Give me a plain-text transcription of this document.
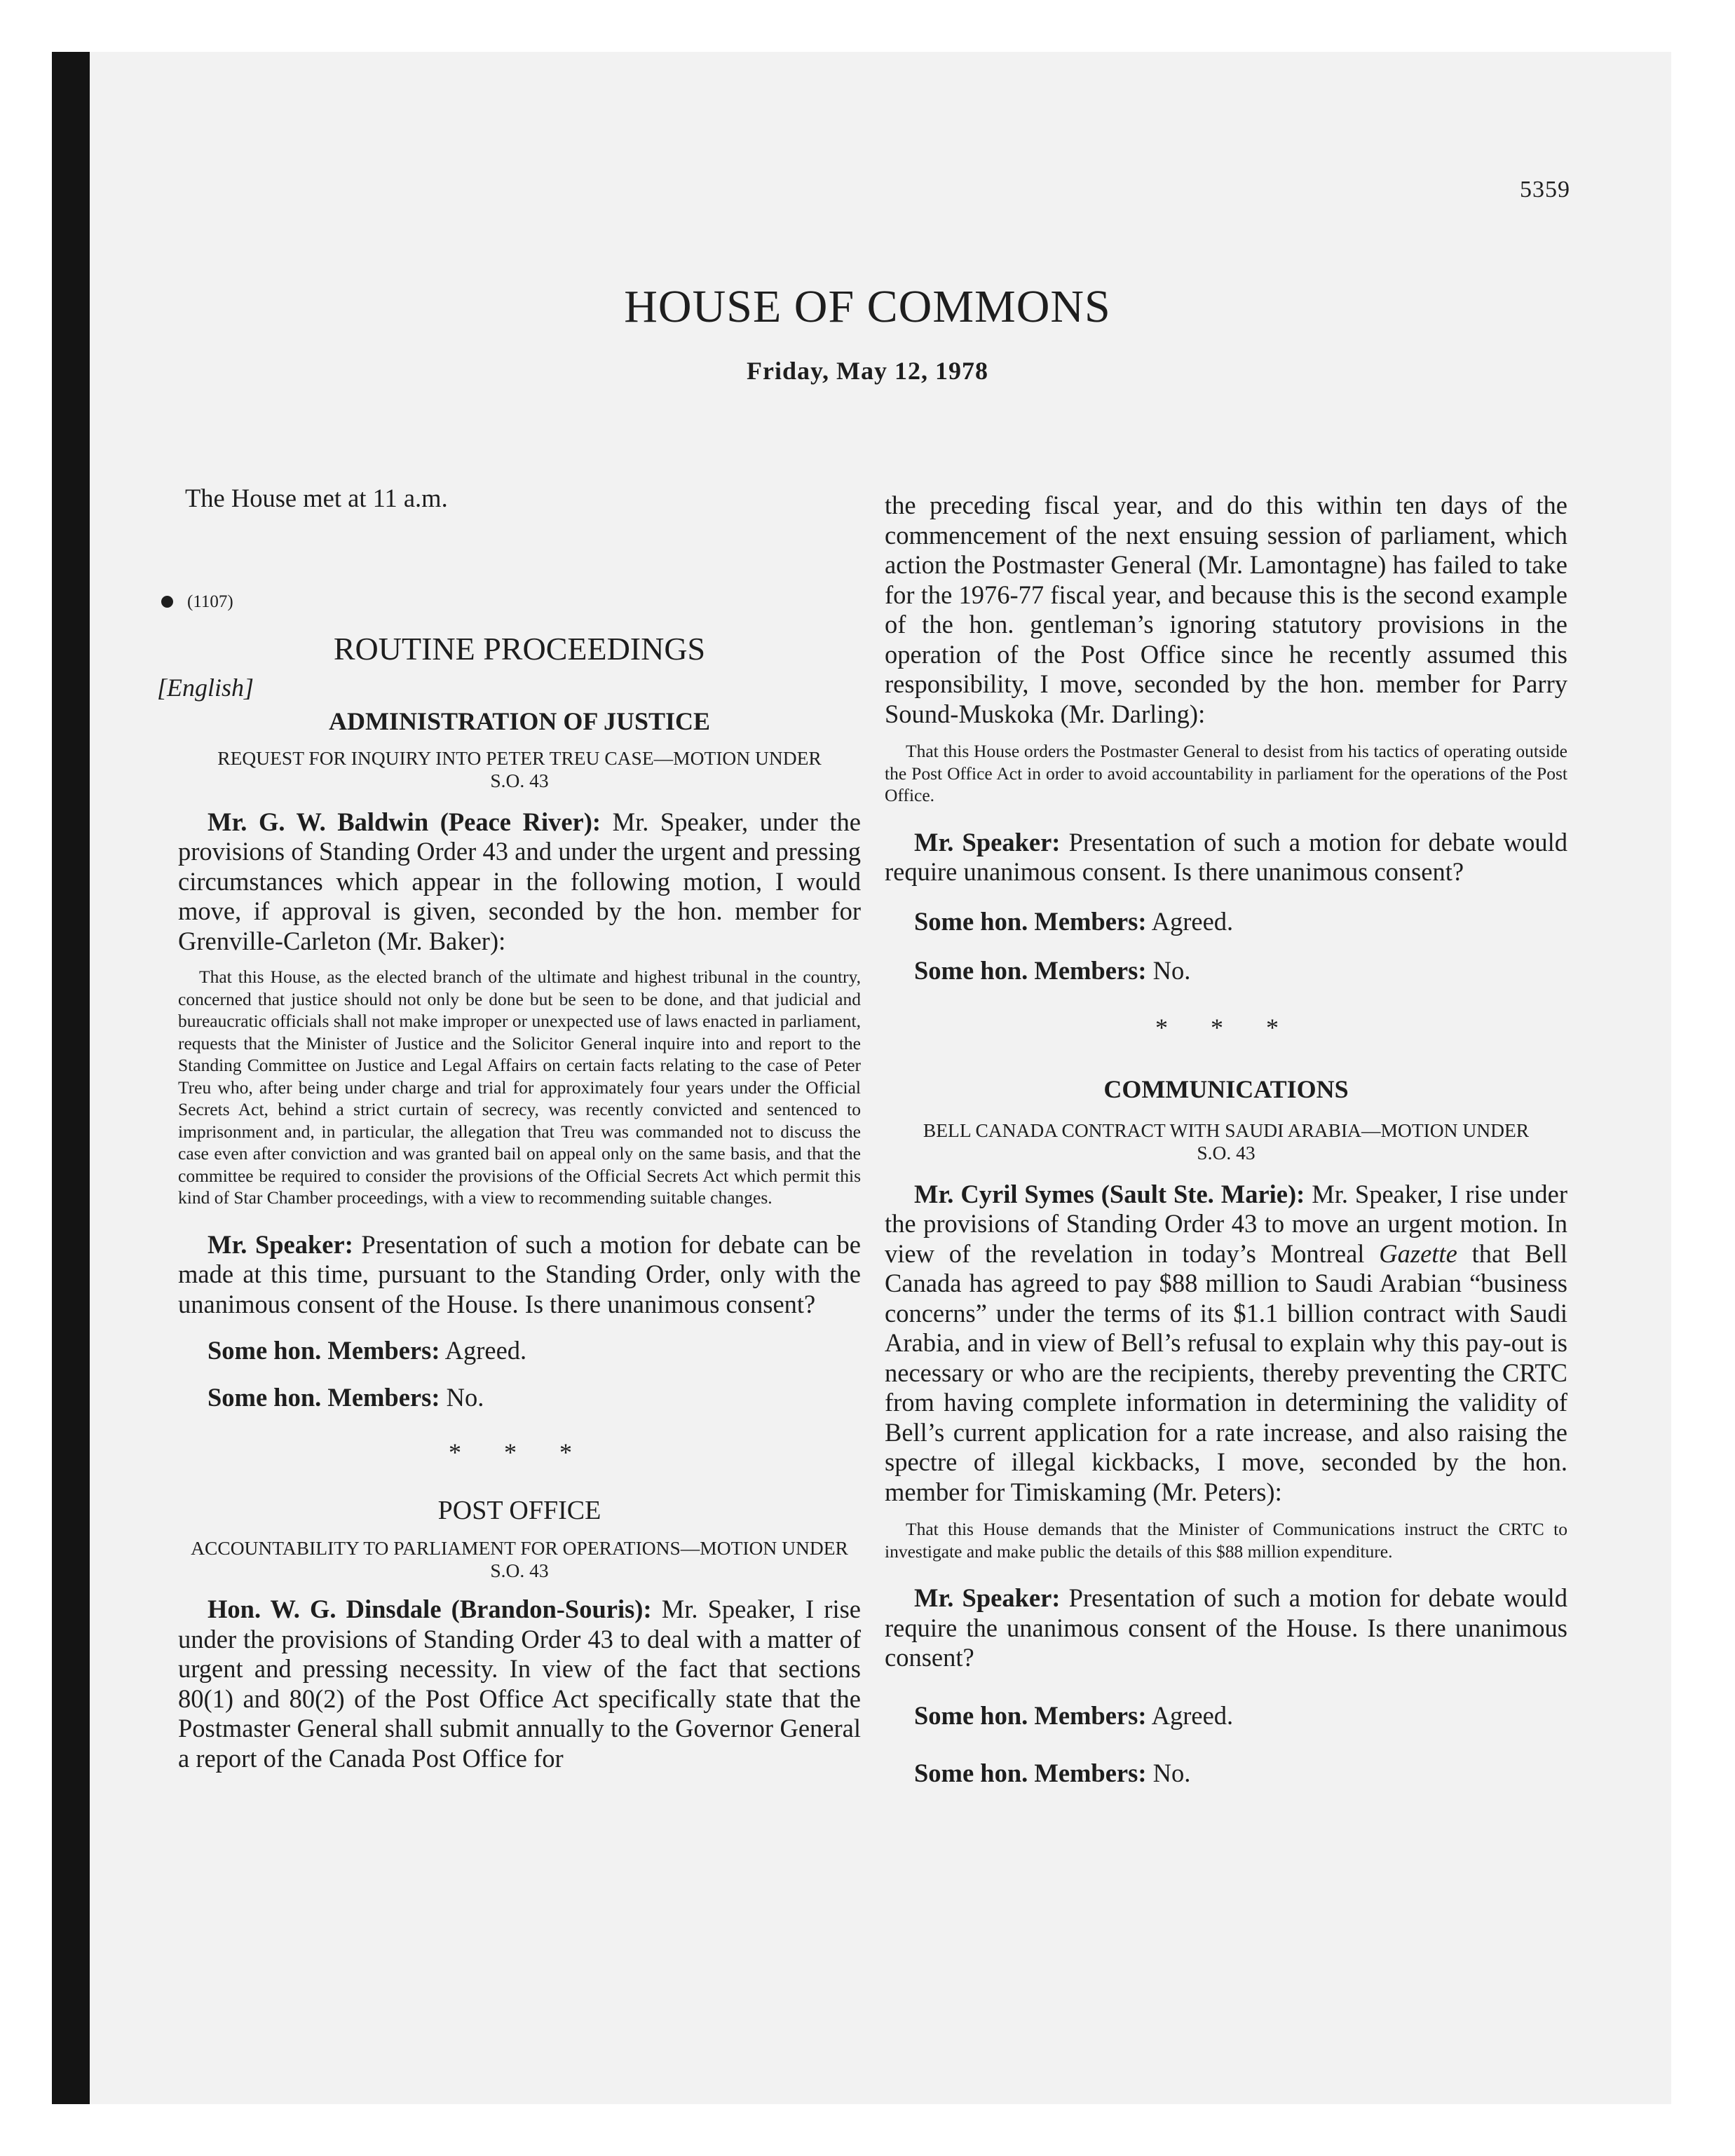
5359
HOUSE OF COMMONS
Friday, May 12, 1978

The House met at 11 a.m.

(1107)

ROUTINE PROCEEDINGS

[English]

ADMINISTRATION OF JUSTICE

REQUEST FOR INQUIRY INTO PETER TREU CASE—MOTION UNDER S.O. 43

Mr. G. W. Baldwin (Peace River): Mr. Speaker, under the provisions of Standing Order 43 and under the urgent and pressing circumstances which appear in the following motion, I would move, if approval is given, seconded by the hon. member for Grenville-Carleton (Mr. Baker):

That this House, as the elected branch of the ultimate and highest tribunal in the country, concerned that justice should not only be done but be seen to be done, and that judicial and bureaucratic officials shall not make improper or unexpected use of laws enacted in parliament, requests that the Minister of Justice and the Solicitor General inquire into and report to the Standing Committee on Justice and Legal Affairs on certain facts relating to the case of Peter Treu who, after being under charge and trial for approximately four years under the Official Secrets Act, behind a strict curtain of secrecy, was recently convicted and sentenced to imprisonment and, in particular, the allegation that Treu was commanded not to discuss the case even after conviction and was granted bail on appeal only on the same basis, and that the committee be required to consider the provisions of the Official Secrets Act which permit this kind of Star Chamber proceedings, with a view to recommending suitable changes.

Mr. Speaker: Presentation of such a motion for debate can be made at this time, pursuant to the Standing Order, only with the unanimous consent of the House. Is there unanimous consent?

Some hon. Members: Agreed.

Some hon. Members: No.

* * *

POST OFFICE

ACCOUNTABILITY TO PARLIAMENT FOR OPERATIONS—MOTION UNDER S.O. 43

Hon. W. G. Dinsdale (Brandon-Souris): Mr. Speaker, I rise under the provisions of Standing Order 43 to deal with a matter of urgent and pressing necessity. In view of the fact that sections 80(1) and 80(2) of the Post Office Act specifically state that the Postmaster General shall submit annually to the Governor General a report of the Canada Post Office for

the preceding fiscal year, and do this within ten days of the commencement of the next ensuing session of parliament, which action the Postmaster General (Mr. Lamontagne) has failed to take for the 1976-77 fiscal year, and because this is the second example of the hon. gentleman’s ignoring statutory provisions in the operation of the Post Office since he recently assumed this responsibility, I move, seconded by the hon. member for Parry Sound-Muskoka (Mr. Darling):

That this House orders the Postmaster General to desist from his tactics of operating outside the Post Office Act in order to avoid accountability in parliament for the operations of the Post Office.

Mr. Speaker: Presentation of such a motion for debate would require unanimous consent. Is there unanimous consent?

Some hon. Members: Agreed.

Some hon. Members: No.

* * *

COMMUNICATIONS

BELL CANADA CONTRACT WITH SAUDI ARABIA—MOTION UNDER S.O. 43

Mr. Cyril Symes (Sault Ste. Marie): Mr. Speaker, I rise under the provisions of Standing Order 43 to move an urgent motion. In view of the revelation in today’s Montreal Gazette that Bell Canada has agreed to pay $88 million to Saudi Arabian “business concerns” under the terms of its $1.1 billion contract with Saudi Arabia, and in view of Bell’s refusal to explain why this pay-out is necessary or who are the recipients, thereby preventing the CRTC from having complete information in determining the validity of Bell’s current application for a rate increase, and also raising the spectre of illegal kickbacks, I move, seconded by the hon. member for Timiskaming (Mr. Peters):

That this House demands that the Minister of Communications instruct the CRTC to investigate and make public the details of this $88 million expenditure.

Mr. Speaker: Presentation of such a motion for debate would require the unanimous consent of the House. Is there unanimous consent?

Some hon. Members: Agreed.

Some hon. Members: No.
